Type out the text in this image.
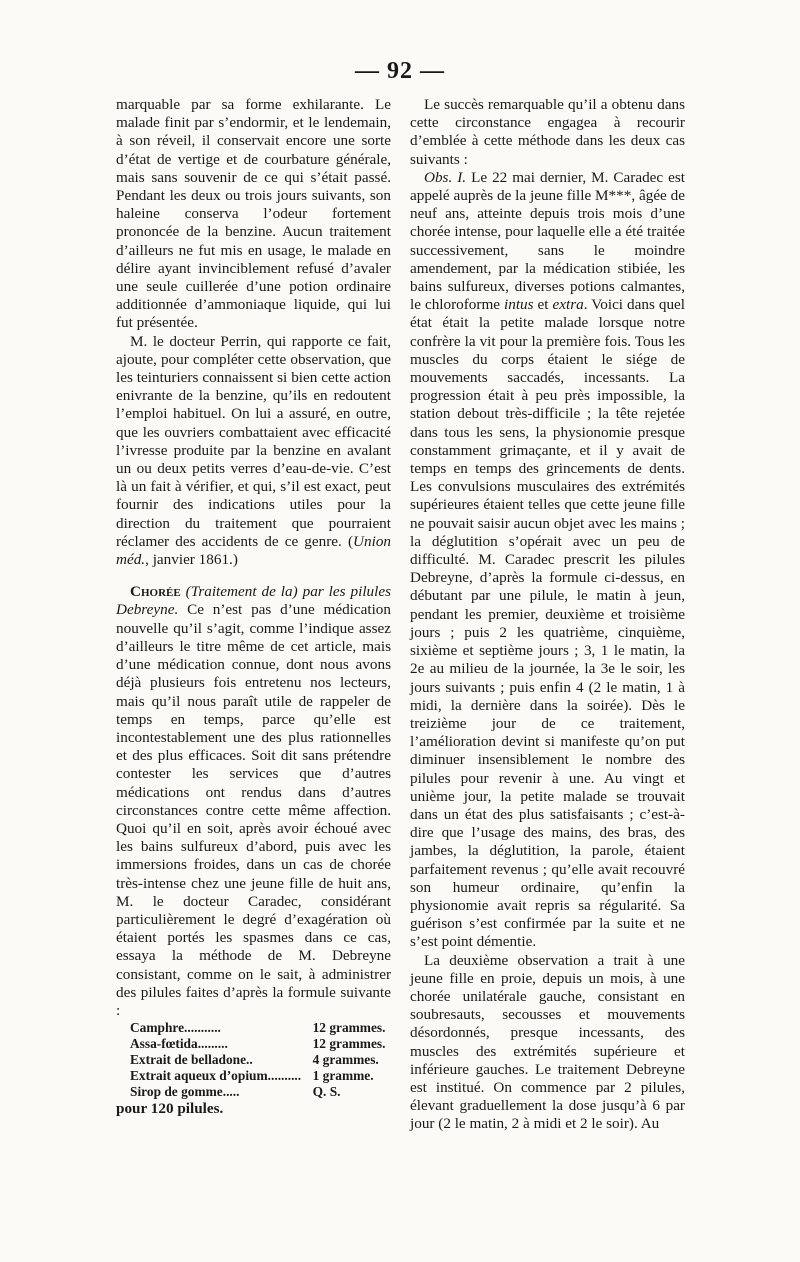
— 92 —

marquable par sa forme exhilarante. Le malade finit par s’endormir, et le lendemain, à son réveil, il conservait encore une sorte d’état de vertige et de courbature générale, mais sans souvenir de ce qui s’était passé. Pendant les deux ou trois jours suivants, son haleine conserva l’odeur fortement prononcée de la benzine. Aucun traitement d’ailleurs ne fut mis en usage, le malade en délire ayant invinciblement refusé d’avaler une seule cuillerée d’une potion ordinaire additionnée d’ammoniaque liquide, qui lui fut présentée.

M. le docteur Perrin, qui rapporte ce fait, ajoute, pour compléter cette observation, que les teinturiers connaissent si bien cette action enivrante de la benzine, qu’ils en redoutent l’emploi habituel. On lui a assuré, en outre, que les ouvriers combattaient avec efficacité l’ivresse produite par la benzine en avalant un ou deux petits verres d’eau-de-vie. C’est là un fait à vérifier, et qui, s’il est exact, peut fournir des indications utiles pour la direction du traitement que pourraient réclamer des accidents de ce genre. (Union méd., janvier 1861.)

Chorée (Traitement de la) par les pilules Debreyne. Ce n’est pas d’une médication nouvelle qu’il s’agit, comme l’indique assez d’ailleurs le titre même de cet article, mais d’une médication connue, dont nous avons déjà plusieurs fois entretenu nos lecteurs, mais qu’il nous paraît utile de rappeler de temps en temps, parce qu’elle est incontestablement une des plus rationnelles et des plus efficaces. Soit dit sans prétendre contester les services que d’autres médications ont rendus dans d’autres circonstances contre cette même affection. Quoi qu’il en soit, après avoir échoué avec les bains sulfureux d’abord, puis avec les immersions froides, dans un cas de chorée très-intense chez une jeune fille de huit ans, M. le docteur Caradec, considérant particulièrement le degré d’exagération où étaient portés les spasmes dans ce cas, essaya la méthode de M. Debreyne consistant, comme on le sait, à administrer des pilules faites d’après la formule suivante :

Camphre...........	12 grammes.
Assa-fœtida.........	12 grammes.
Extrait de belladone..	4 grammes.
Extrait aqueux d’opium..........	1 gramme.
Sirop de gomme.....	Q. S.

pour 120 pilules.

Le succès remarquable qu’il a obtenu dans cette circonstance engagea à recourir d’emblée à cette méthode dans les deux cas suivants :

Obs. I. Le 22 mai dernier, M. Caradec est appelé auprès de la jeune fille M***, âgée de neuf ans, atteinte depuis trois mois d’une chorée intense, pour laquelle elle a été traitée successivement, sans le moindre amendement, par la médication stibiée, les bains sulfureux, diverses potions calmantes, le chloroforme intus et extra. Voici dans quel état était la petite malade lorsque notre confrère la vit pour la première fois. Tous les muscles du corps étaient le siége de mouvements saccadés, incessants. La progression était à peu près impossible, la station debout très-difficile ; la tête rejetée dans tous les sens, la physionomie presque constamment grimaçante, et il y avait de temps en temps des grincements de dents. Les convulsions musculaires des extrémités supérieures étaient telles que cette jeune fille ne pouvait saisir aucun objet avec les mains ; la déglutition s’opérait avec un peu de difficulté. M. Caradec prescrit les pilules Debreyne, d’après la formule ci-dessus, en débutant par une pilule, le matin à jeun, pendant les premier, deuxième et troisième jours ; puis 2 les quatrième, cinquième, sixième et septième jours ; 3, 1 le matin, la 2e au milieu de la journée, la 3e le soir, les jours suivants ; puis enfin 4 (2 le matin, 1 à midi, la dernière dans la soirée). Dès le treizième jour de ce traitement, l’amélioration devint si manifeste qu’on put diminuer insensiblement le nombre des pilules pour revenir à une. Au vingt et unième jour, la petite malade se trouvait dans un état des plus satisfaisants ; c’est-à-dire que l’usage des mains, des bras, des jambes, la déglutition, la parole, étaient parfaitement revenus ; qu’elle avait recouvré son humeur ordinaire, qu’enfin la physionomie avait repris sa régularité. Sa guérison s’est confirmée par la suite et ne s’est point démentie.

La deuxième observation a trait à une jeune fille en proie, depuis un mois, à une chorée unilatérale gauche, consistant en soubresauts, secousses et mouvements désordonnés, presque incessants, des muscles des extrémités supérieure et inférieure gauches. Le traitement Debreyne est institué. On commence par 2 pilules, élevant graduellement la dose jusqu’à 6 par jour (2 le matin, 2 à midi et 2 le soir). Au
